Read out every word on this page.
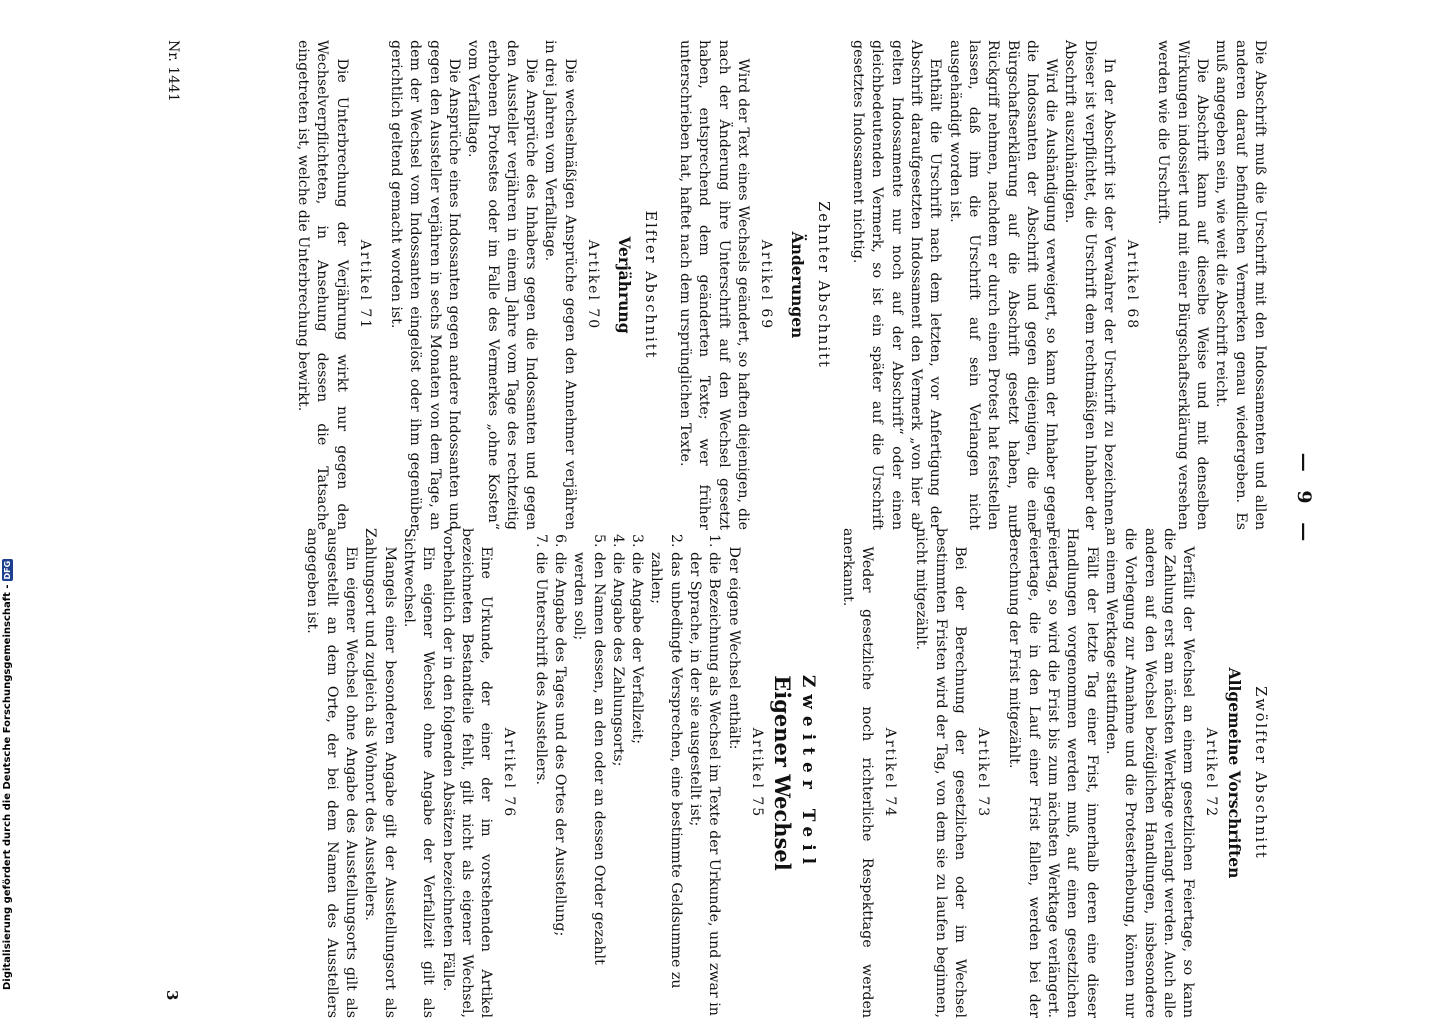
— 9 —

Die Abschrift muß die Urschrift mit den Indossamenten und allen anderen darauf befindlichen Vermerken genau wiedergeben. Es muß angegeben sein, wie weit die Abschrift reicht.

Die Abschrift kann auf dieselbe Weise und mit denselben Wirkungen indossiert und mit einer Bürgschaftserklärung versehen werden wie die Urschrift.

Artikel 68

In der Abschrift ist der Verwahrer der Urschrift zu bezeichnen. Dieser ist verpflichtet, die Urschrift dem rechtmäßigen Inhaber der Abschrift auszuhändigen.

Wird die Aushändigung verweigert, so kann der Inhaber gegen die Indossanten der Abschrift und gegen diejenigen, die eine Bürgschaftserklärung auf die Abschrift gesetzt haben, nur Rückgriff nehmen, nachdem er durch einen Protest hat feststellen lassen, daß ihm die Urschrift auf sein Verlangen nicht ausgehändigt worden ist.

Enthält die Urschrift nach dem letzten, vor Anfertigung der Abschrift daraufgesetzten Indossament den Vermerk „von hier ab gelten Indossamente nur noch auf der Abschrift“ oder einen gleichbedeutenden Vermerk, so ist ein später auf die Urschrift gesetztes Indossament nichtig.

Zehnter Abschnitt
Änderungen
Artikel 69

Wird der Text eines Wechsels geändert, so haften diejenigen, die nach der Änderung ihre Unterschrift auf den Wechsel gesetzt haben, entsprechend dem geänderten Texte; wer früher unterschrieben hat, haftet nach dem ursprünglichen Texte.

Elfter Abschnitt
Verjährung
Artikel 70

Die wechselmäßigen Ansprüche gegen den Annehmer verjähren in drei Jahren vom Verfalltage.

Die Ansprüche des Inhabers gegen die Indossanten und gegen den Aussteller verjähren in einem Jahre vom Tage des rechtzeitig erhobenen Protestes oder im Falle des Vermerkes „ohne Kosten“ vom Verfalltage.

Die Ansprüche eines Indossanten gegen andere Indossanten und gegen den Aussteller verjähren in sechs Monaten von dem Tage, an dem der Wechsel vom Indossanten eingelöst oder ihm gegenüber gerichtlich geltend gemacht worden ist.

Artikel 71

Die Unterbrechung der Verjährung wirkt nur gegen den Wechselverpflichteten, in Ansehung dessen die Tatsache eingetreten ist, welche die Unterbrechung bewirkt.

Zwölfter Abschnitt
Allgemeine Vorschriften
Artikel 72

Verfällt der Wechsel an einem gesetzlichen Feiertage, so kann die Zahlung erst am nächsten Werktage verlangt werden. Auch alle anderen auf den Wechsel bezüglichen Handlungen, insbesondere die Vorlegung zur Annahme und die Protesterhebung, können nur an einem Werktage stattfinden.

Fällt der letzte Tag einer Frist, innerhalb deren eine dieser Handlungen vorgenommen werden muß, auf einen gesetzlichen Feiertag, so wird die Frist bis zum nächsten Werktage verlängert. Feiertage, die in den Lauf einer Frist fallen, werden bei der Berechnung der Frist mitgezählt.

Artikel 73

Bei der Berechnung der gesetzlichen oder im Wechsel bestimmten Fristen wird der Tag, von dem sie zu laufen beginnen, nicht mitgezählt.

Artikel 74

Weder gesetzliche noch richterliche Respekttage werden anerkannt.

Zweiter Teil
Eigener Wechsel
Artikel 75

Der eigene Wechsel enthält:

1. die Bezeichnung als Wechsel im Texte der Urkunde, und zwar in der Sprache, in der sie ausgestellt ist;
2. das unbedingte Versprechen, eine bestimmte Geldsumme zu zahlen;
3. die Angabe der Verfallzeit;
4. die Angabe des Zahlungsorts;
5. den Namen dessen, an den oder an dessen Order gezahlt werden soll;
6. die Angabe des Tages und des Ortes der Ausstellung;
7. die Unterschrift des Ausstellers.
Artikel 76

Eine Urkunde, der einer der im vorstehenden Artikel bezeichneten Bestandteile fehlt, gilt nicht als eigener Wechsel, vorbehaltlich der in den folgenden Absätzen bezeichneten Fälle.

Ein eigener Wechsel ohne Angabe der Verfallzeit gilt als Sichtwechsel.

Mangels einer besonderen Angabe gilt der Ausstellungsort als Zahlungsort und zugleich als Wohnort des Ausstellers.

Ein eigener Wechsel ohne Angabe des Ausstellungsorts gilt als ausgestellt an dem Orte, der bei dem Namen des Ausstellers angegeben ist.

Nr. 1441
3
Digitalisierung gefördert durch die Deutsche Forschungsgemeinschaft -
DFG
